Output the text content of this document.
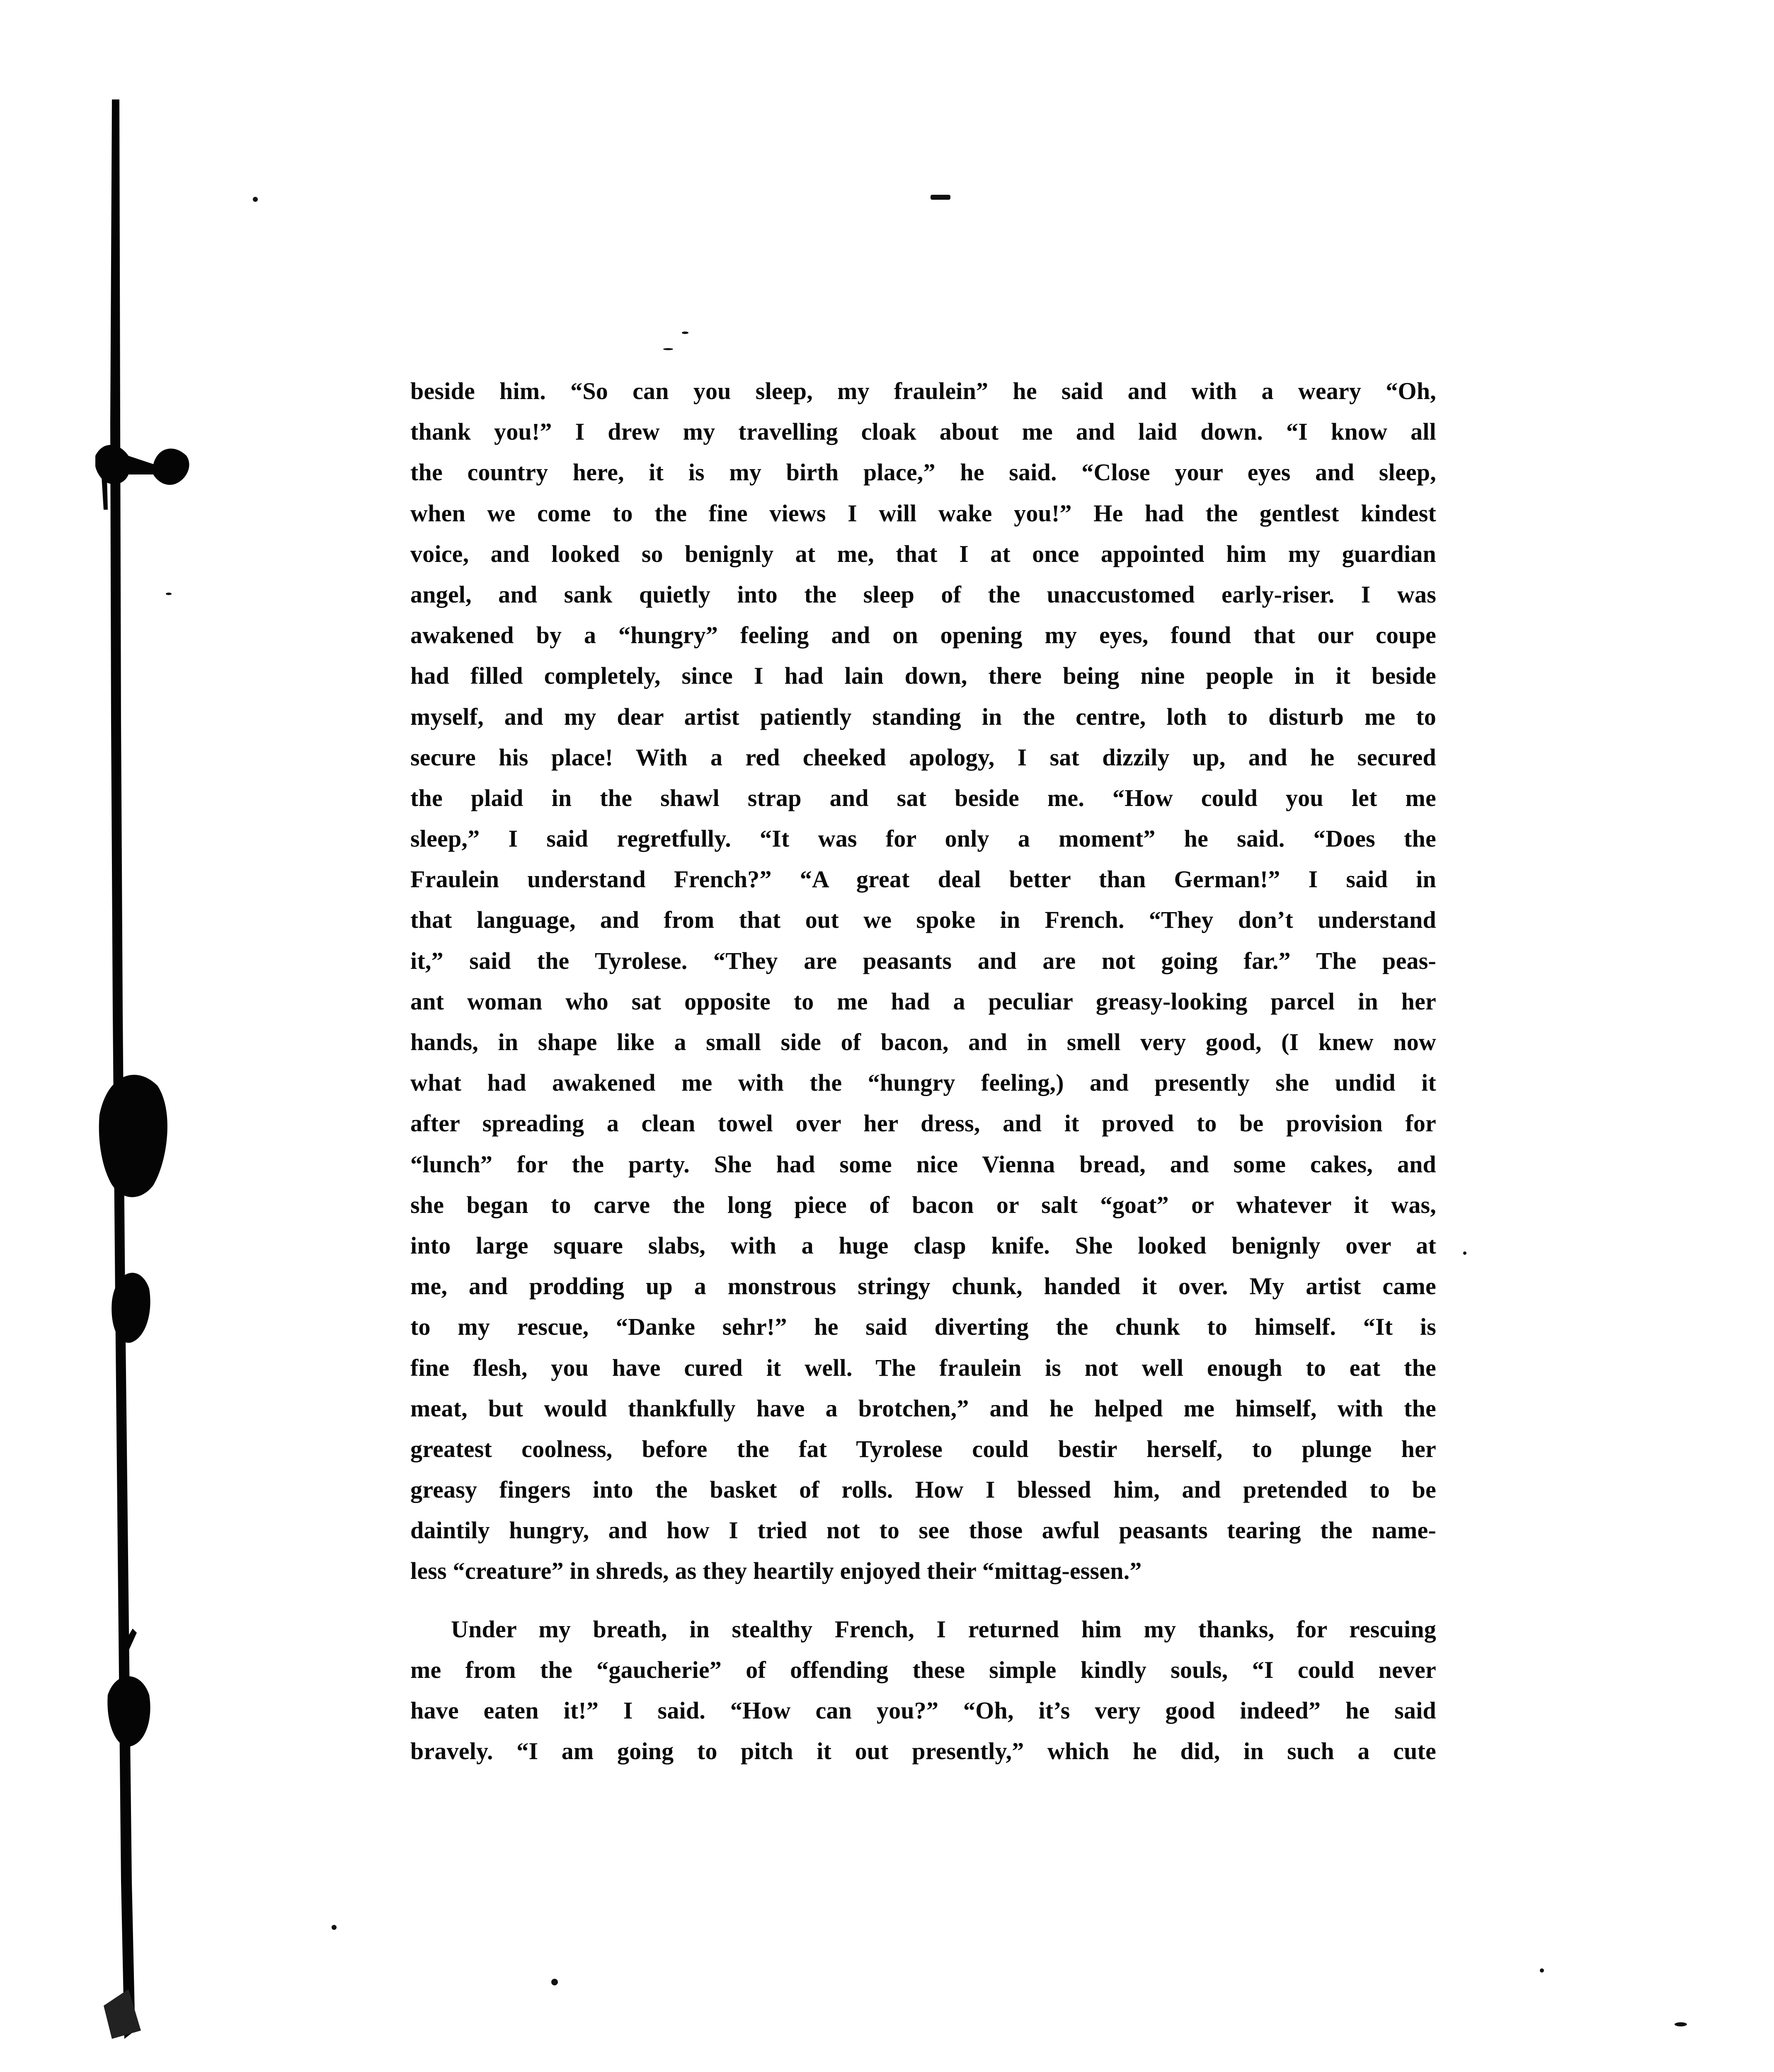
beside him. “So can you sleep, my fraulein” he said and with a weary “Oh,
thank you!” I drew my travelling cloak about me and laid down. “I know all
the country here, it is my birth place,” he said. “Close your eyes and sleep,
when we come to the fine views I will wake you!” He had the gentlest kindest
voice, and looked so benignly at me, that I at once appointed him my guardian
angel, and sank quietly into the sleep of the unaccustomed early-riser. I was
awakened by a “hungry” feeling and on opening my eyes, found that our coupe
had filled completely, since I had lain down, there being nine people in it beside
myself, and my dear artist patiently standing in the centre, loth to disturb me to
secure his place! With a red cheeked apology, I sat dizzily up, and he secured
the plaid in the shawl strap and sat beside me. “How could you let me
sleep,” I said regretfully. “It was for only a moment” he said. “Does the
Fraulein understand French?” “A great deal better than German!” I said in
that language, and from that out we spoke in French. “They don’t understand
it,” said the Tyrolese. “They are peasants and are not going far.” The peas-
ant woman who sat opposite to me had a peculiar greasy-looking parcel in her
hands, in shape like a small side of bacon, and in smell very good, (I knew now
what had awakened me with the “hungry feeling,) and presently she undid it
after spreading a clean towel over her dress, and it proved to be provision for
“lunch” for the party. She had some nice Vienna bread, and some cakes, and
she began to carve the long piece of bacon or salt “goat” or whatever it was,
into large square slabs, with a huge clasp knife. She looked benignly over at
me, and prodding up a monstrous stringy chunk, handed it over. My artist came
to my rescue, “Danke sehr!” he said diverting the chunk to himself. “It is
fine flesh, you have cured it well. The fraulein is not well enough to eat the
meat, but would thankfully have a brotchen,” and he helped me himself, with the
greatest coolness, before the fat Tyrolese could bestir herself, to plunge her
greasy fingers into the basket of rolls. How I blessed him, and pretended to be
daintily hungry, and how I tried not to see those awful peasants tearing the name-
less “creature” in shreds, as they heartily enjoyed their “mittag-essen.”
Under my breath, in stealthy French, I returned him my thanks, for rescuing
me from the “gaucherie” of offending these simple kindly souls, “I could never
have eaten it!” I said. “How can you?” “Oh, it’s very good indeed” he said
bravely. “I am going to pitch it out presently,” which he did, in such a cute
